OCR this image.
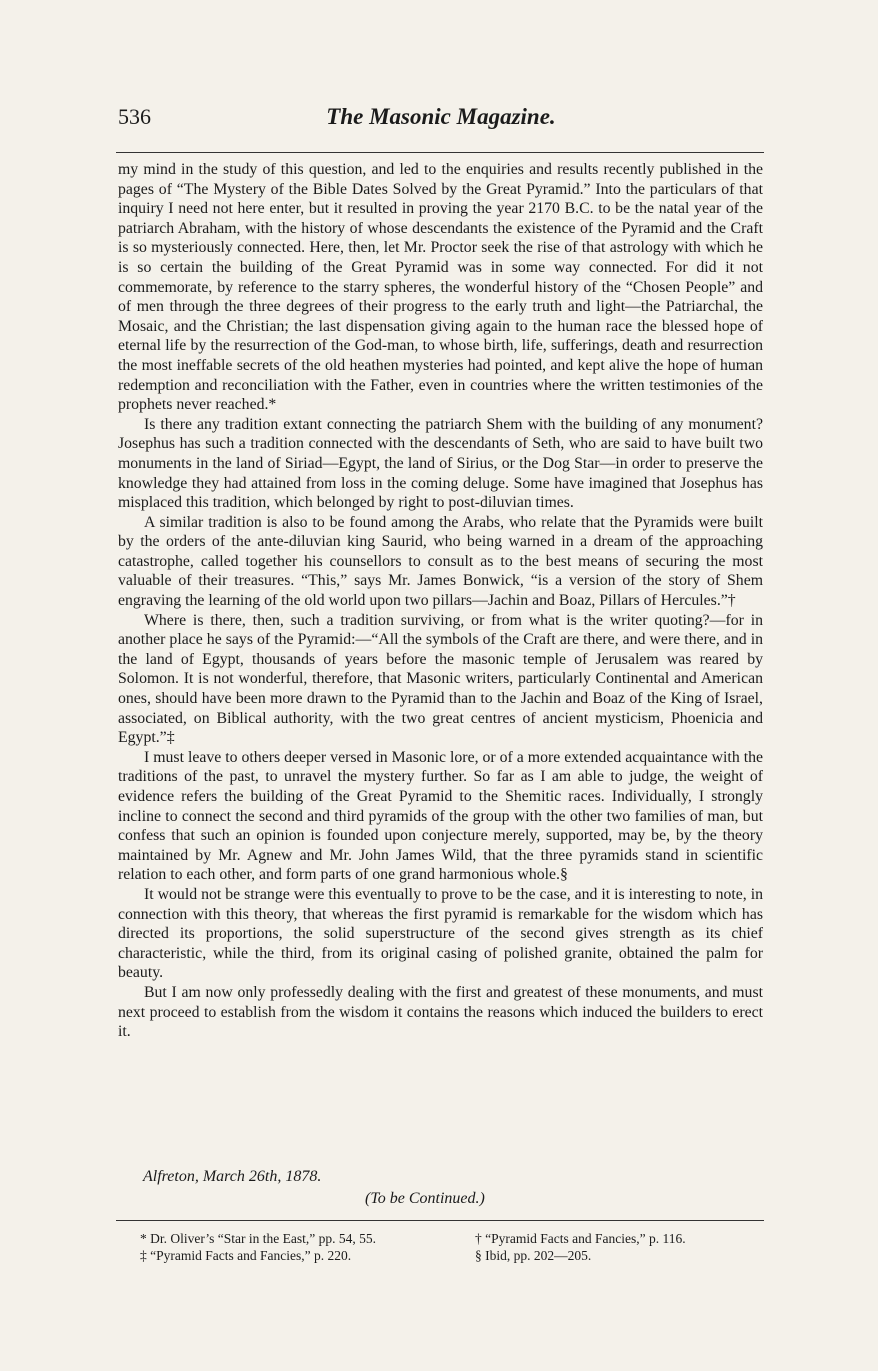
536	The Masonic Magazine.

my mind in the study of this question, and led to the enquiries and results recently published in the pages of “The Mystery of the Bible Dates Solved by the Great Pyramid.” Into the particulars of that inquiry I need not here enter, but it resulted in proving the year 2170 B.C. to be the natal year of the patriarch Abraham, with the history of whose descendants the existence of the Pyramid and the Craft is so mysteriously connected. Here, then, let Mr. Proctor seek the rise of that astrology with which he is so certain the building of the Great Pyramid was in some way connected. For did it not commemorate, by reference to the starry spheres, the wonderful history of the “Chosen People” and of men through the three degrees of their progress to the early truth and light—the Patriarchal, the Mosaic, and the Christian; the last dispensation giving again to the human race the blessed hope of eternal life by the resurrection of the God-man, to whose birth, life, sufferings, death and resurrection the most ineffable secrets of the old heathen mysteries had pointed, and kept alive the hope of human redemption and reconciliation with the Father, even in countries where the written testimonies of the prophets never reached.*

Is there any tradition extant connecting the patriarch Shem with the building of any monument? Josephus has such a tradition connected with the descendants of Seth, who are said to have built two monuments in the land of Siriad—Egypt, the land of Sirius, or the Dog Star—in order to preserve the knowledge they had attained from loss in the coming deluge. Some have imagined that Josephus has misplaced this tradition, which belonged by right to post-diluvian times.

A similar tradition is also to be found among the Arabs, who relate that the Pyramids were built by the orders of the ante-diluvian king Saurid, who being warned in a dream of the approaching catastrophe, called together his counsellors to consult as to the best means of securing the most valuable of their treasures. “This,” says Mr. James Bonwick, “is a version of the story of Shem engraving the learning of the old world upon two pillars—Jachin and Boaz, Pillars of Hercules.”†

Where is there, then, such a tradition surviving, or from what is the writer quoting?—for in another place he says of the Pyramid:—“All the symbols of the Craft are there, and were there, and in the land of Egypt, thousands of years before the masonic temple of Jerusalem was reared by Solomon. It is not wonderful, therefore, that Masonic writers, particularly Continental and American ones, should have been more drawn to the Pyramid than to the Jachin and Boaz of the King of Israel, associated, on Biblical authority, with the two great centres of ancient mysticism, Phoenicia and Egypt.”‡

I must leave to others deeper versed in Masonic lore, or of a more extended acquaintance with the traditions of the past, to unravel the mystery further. So far as I am able to judge, the weight of evidence refers the building of the Great Pyramid to the Shemitic races. Individually, I strongly incline to connect the second and third pyramids of the group with the other two families of man, but confess that such an opinion is founded upon conjecture merely, supported, may be, by the theory maintained by Mr. Agnew and Mr. John James Wild, that the three pyramids stand in scientific relation to each other, and form parts of one grand harmonious whole.§

It would not be strange were this eventually to prove to be the case, and it is interesting to note, in connection with this theory, that whereas the first pyramid is remarkable for the wisdom which has directed its proportions, the solid superstructure of the second gives strength as its chief characteristic, while the third, from its original casing of polished granite, obtained the palm for beauty.

But I am now only professedly dealing with the first and greatest of these monuments, and must next proceed to establish from the wisdom it contains the reasons which induced the builders to erect it.

Alfreton, March 26th, 1878.
(To be Continued.)
* Dr. Oliver’s “Star in the East,” pp. 54, 55.	† “Pyramid Facts and Fancies,” p. 116.
‡ “Pyramid Facts and Fancies,” p. 220.	§ Ibid, pp. 202—205.
